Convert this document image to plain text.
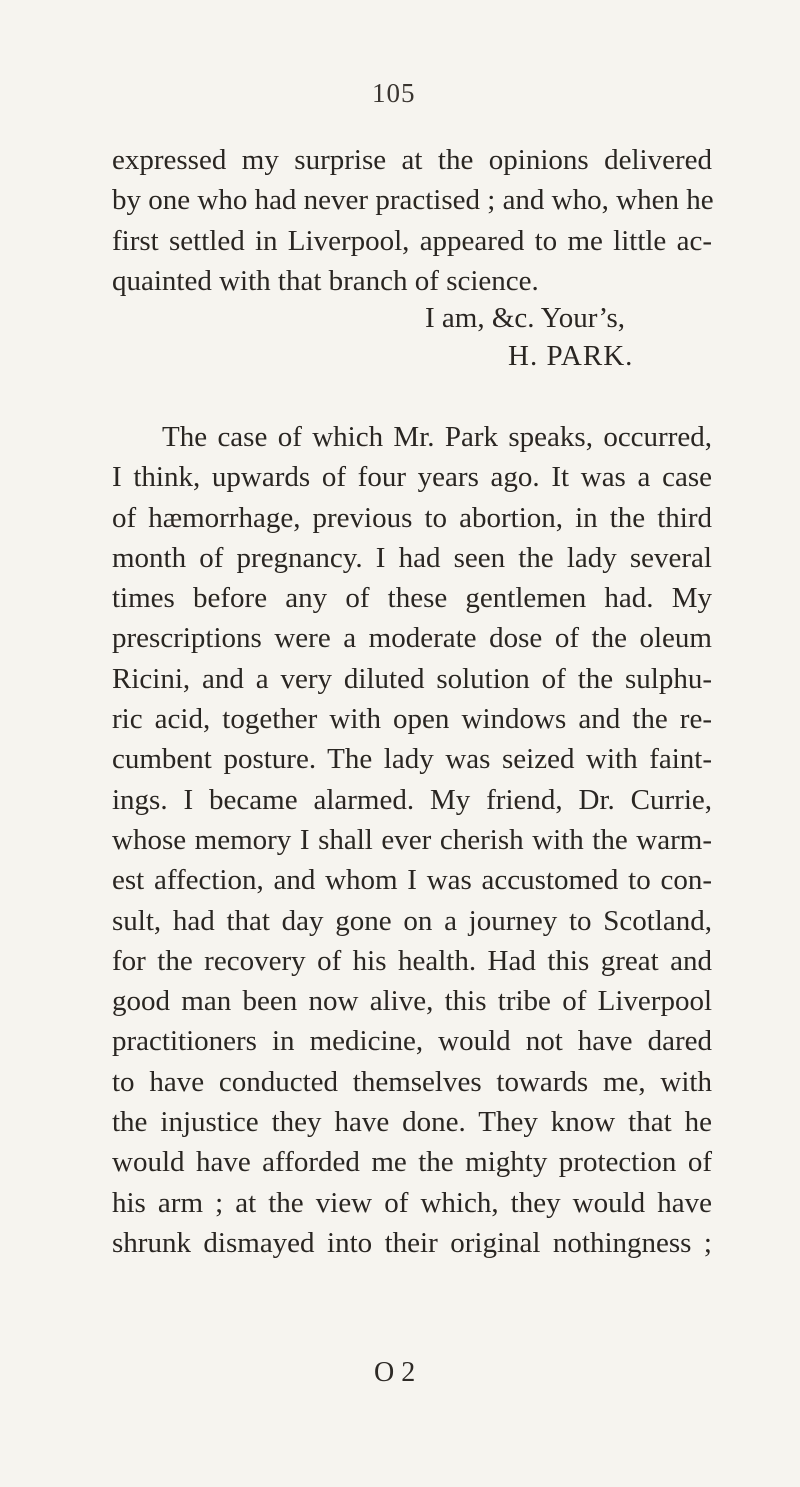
105
expressed my surprise at the opinions delivered
by one who had never practised ; and who, when he
first settled in Liverpool, appeared to me little ac-
quainted with that branch of science.
I am, &c. Your’s,
H. PARK.
The case of which Mr. Park speaks, occurred,
I think, upwards of four years ago. It was a case
of hæmorrhage, previous to abortion, in the third
month of pregnancy. I had seen the lady several
times before any of these gentlemen had. My
prescriptions were a moderate dose of the oleum
Ricini, and a very diluted solution of the sulphu-
ric acid, together with open windows and the re-
cumbent posture. The lady was seized with faint-
ings. I became alarmed. My friend, Dr. Currie,
whose memory I shall ever cherish with the warm-
est affection, and whom I was accustomed to con-
sult, had that day gone on a journey to Scotland,
for the recovery of his health. Had this great and
good man been now alive, this tribe of Liverpool
practitioners in medicine, would not have dared
to have conducted themselves towards me, with
the injustice they have done. They know that he
would have afforded me the mighty protection of
his arm ; at the view of which, they would have
shrunk dismayed into their original nothingness ;
O 2
